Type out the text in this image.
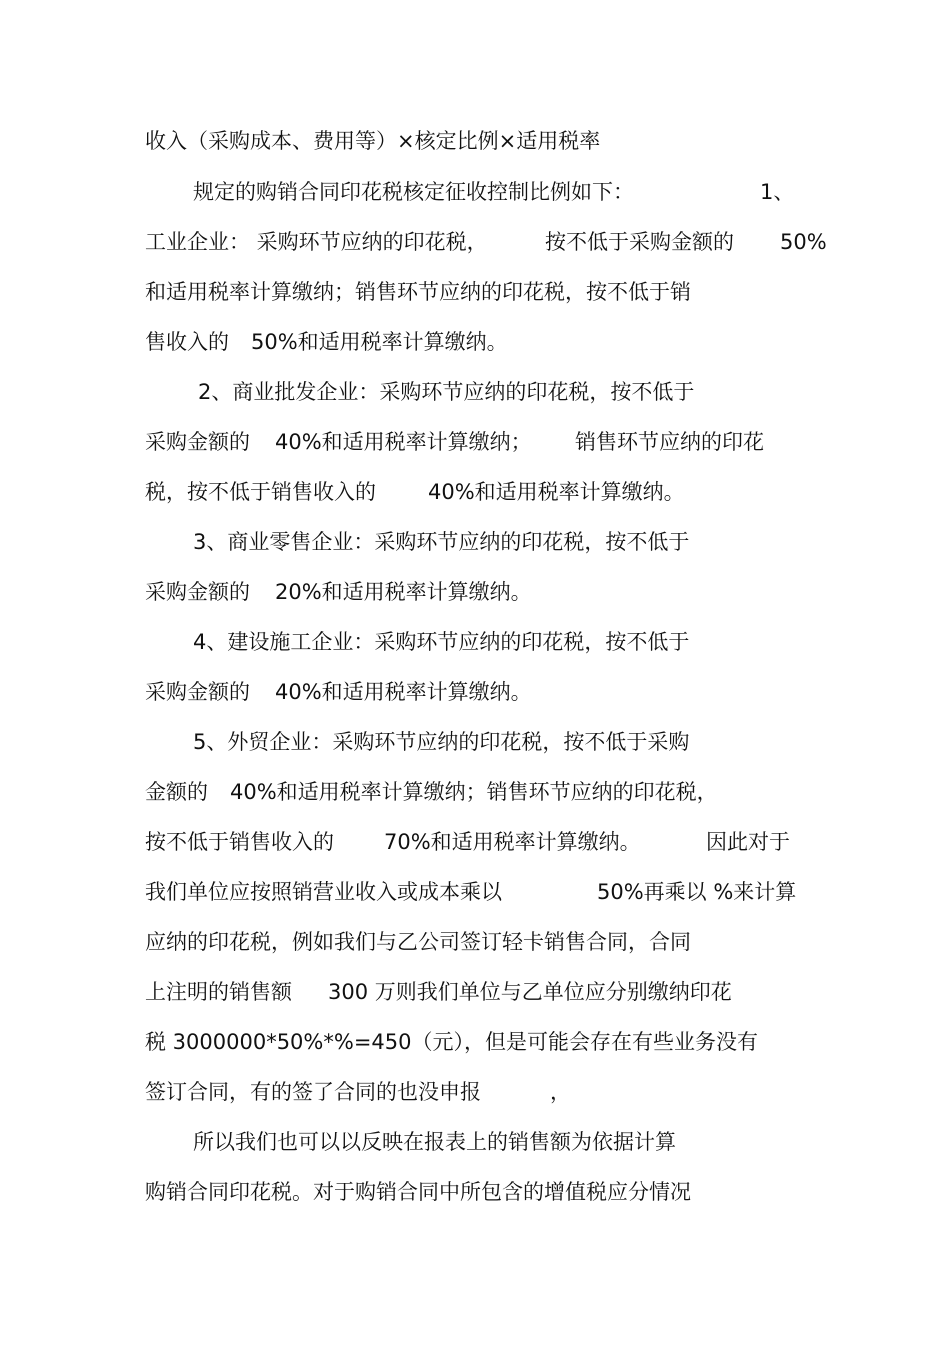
收入（采购成本、费用等）×核定比例×适用税率
规定的购销合同印花税核定征收控制比例如下：	1、
工业企业： 采购环节应纳的印花税，	按不低于采购金额的 50%
和适用税率计算缴纳；销售环节应纳的印花税，按不低于销
售收入的 50%和适用税率计算缴纳。
2、商业批发企业：采购环节应纳的印花税，按不低于
采购金额的 40%和适用税率计算缴纳； 销售环节应纳的印花
税，按不低于销售收入的 40%和适用税率计算缴纳。
3、商业零售企业：采购环节应纳的印花税，按不低于
采购金额的 20%和适用税率计算缴纳。
4、建设施工企业：采购环节应纳的印花税，按不低于
采购金额的 40%和适用税率计算缴纳。
5、外贸企业：采购环节应纳的印花税，按不低于采购
金额的 40%和适用税率计算缴纳；销售环节应纳的印花税，
按不低于销售收入的 70%和适用税率计算缴纳。	因此对于
我们单位应按照销营业收入或成本乘以	50%再乘以 %来计算
应纳的印花税，例如我们与乙公司签订轻卡销售合同，合同
上注明的销售额 300 万则我们单位与乙单位应分别缴纳印花
税 3000000*50%*%=450（元），但是可能会存在有些业务没有
签订合同，有的签了合同的也没申报	，
所以我们也可以以反映在报表上的销售额为依据计算
购销合同印花税。对于购销合同中所包含的增值税应分情况
